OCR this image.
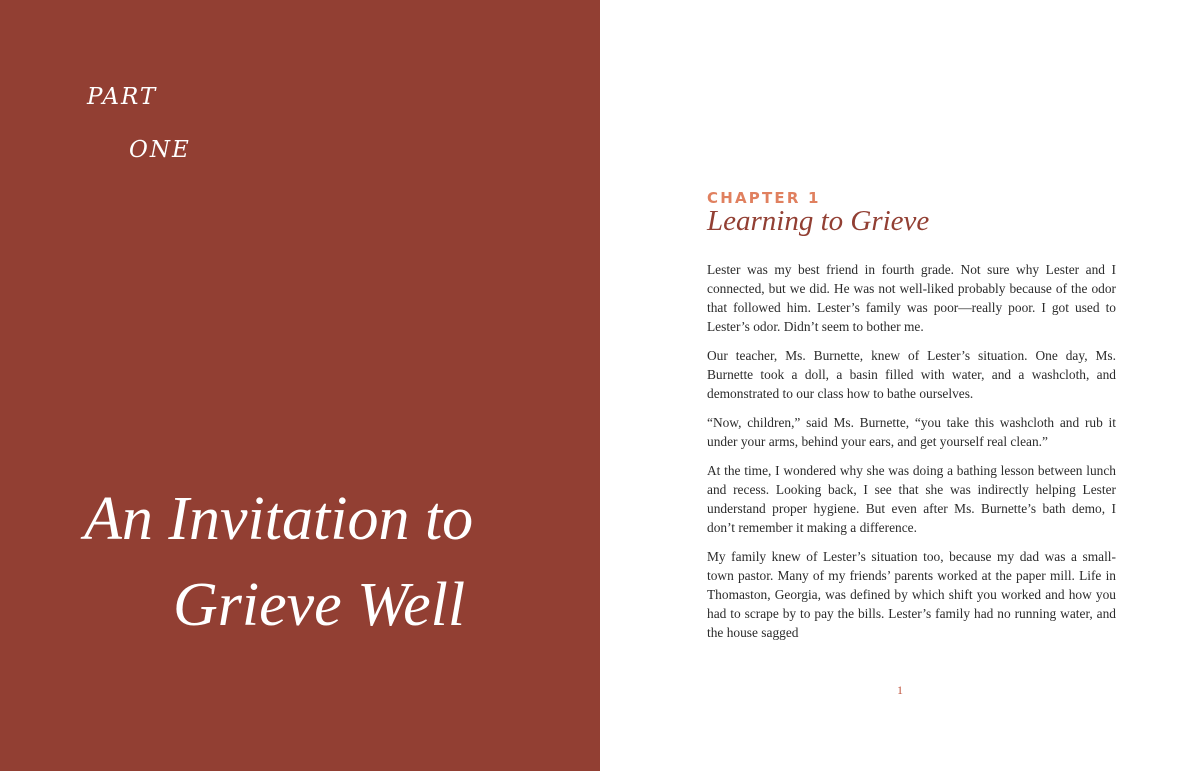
PART

ONE

An Invitation to
Grieve Well

CHAPTER 1

Learning to Grieve

Lester was my best friend in fourth grade. Not sure why Lester and I connected, but we did. He was not well-liked probably because of the odor that followed him. Lester’s family was poor—really poor. I got used to Lester’s odor. Didn’t seem to bother me.

Our teacher, Ms. Burnette, knew of Lester’s situation. One day, Ms. Burnette took a doll, a basin filled with water, and a washcloth, and demonstrated to our class how to bathe ourselves.

“Now, children,” said Ms. Burnette, “you take this washcloth and rub it under your arms, behind your ears, and get yourself real clean.”

At the time, I wondered why she was doing a bathing lesson between lunch and recess. Looking back, I see that she was indirectly helping Lester understand proper hygiene. But even after Ms. Burnette’s bath demo, I don’t remember it making a difference.

My family knew of Lester’s situation too, because my dad was a small-town pastor. Many of my friends’ parents worked at the paper mill. Life in Thomaston, Georgia, was defined by which shift you worked and how you had to scrape by to pay the bills. Lester’s family had no running water, and the house sagged

1
